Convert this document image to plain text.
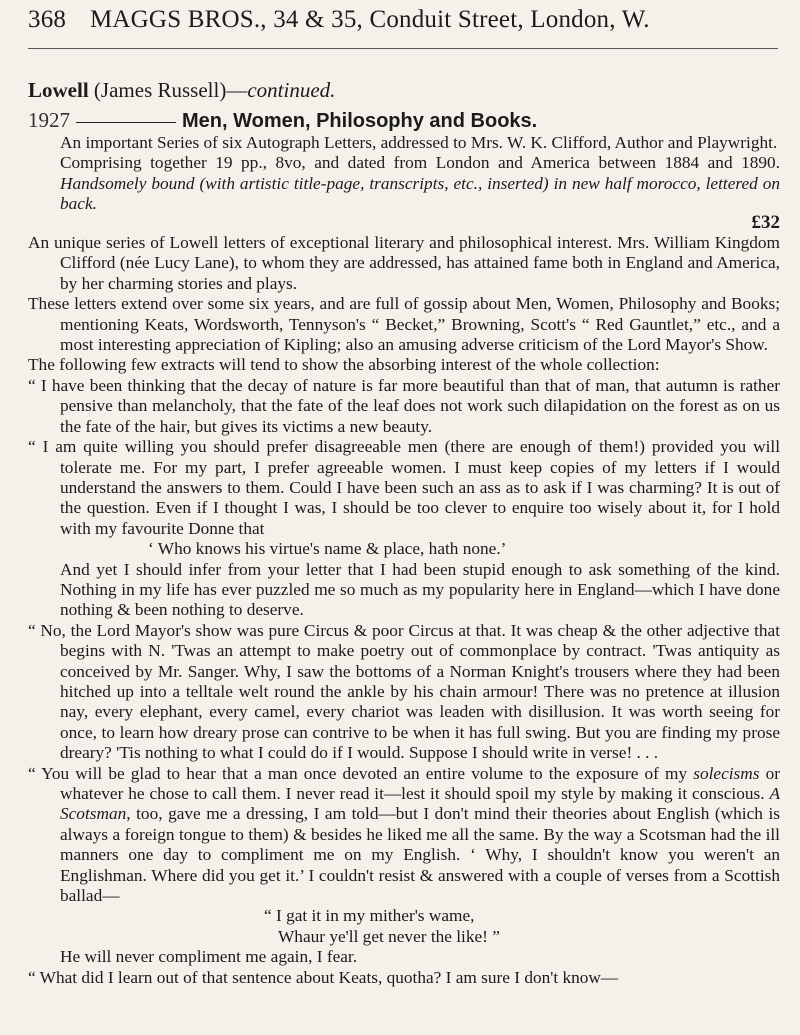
368 MAGGS BROS., 34 & 35, Conduit Street, London, W.
Lowell (James Russell)—continued.
1927	Men, Women, Philosophy and Books.

An important Series of six Autograph Letters, addressed to Mrs. W. K. Clifford, Author and Playwright.

Comprising together 19 pp., 8vo, and dated from London and America between 1884 and 1890. Handsomely bound (with artistic title-page, transcripts, etc., inserted) in new half morocco, lettered on back.

£32

An unique series of Lowell letters of exceptional literary and philosophical interest. Mrs. William Kingdom Clifford (née Lucy Lane), to whom they are addressed, has attained fame both in England and America, by her charming stories and plays.

These letters extend over some six years, and are full of gossip about Men, Women, Philosophy and Books; mentioning Keats, Wordsworth, Tennyson's “ Becket,” Browning, Scott's “ Red Gauntlet,” etc., and a most interesting appreciation of Kipling; also an amusing adverse criticism of the Lord Mayor's Show.

The following few extracts will tend to show the absorbing interest of the whole collection:

“ I have been thinking that the decay of nature is far more beautiful than that of man, that autumn is rather pensive than melancholy, that the fate of the leaf does not work such dilapidation on the forest as on us the fate of the hair, but gives its victims a new beauty.

“ I am quite willing you should prefer disagreeable men (there are enough of them!) provided you will tolerate me. For my part, I prefer agreeable women. I must keep copies of my letters if I would understand the answers to them. Could I have been such an ass as to ask if I was charming? It is out of the question. Even if I thought I was, I should be too clever to enquire too wisely about it, for I hold with my favourite Donne that

‘ Who knows his virtue's name & place, hath none.’

And yet I should infer from your letter that I had been stupid enough to ask something of the kind. Nothing in my life has ever puzzled me so much as my popularity here in England—which I have done nothing & been nothing to deserve.

“ No, the Lord Mayor's show was pure Circus & poor Circus at that. It was cheap & the other adjective that begins with N. 'Twas an attempt to make poetry out of commonplace by contract. 'Twas antiquity as conceived by Mr. Sanger. Why, I saw the bottoms of a Norman Knight's trousers where they had been hitched up into a telltale welt round the ankle by his chain armour! There was no pretence at illusion nay, every elephant, every camel, every chariot was leaden with disillusion. It was worth seeing for once, to learn how dreary prose can contrive to be when it has full swing. But you are finding my prose dreary? 'Tis nothing to what I could do if I would. Suppose I should write in verse! . . .

“ You will be glad to hear that a man once devoted an entire volume to the exposure of my solecisms or whatever he chose to call them. I never read it—lest it should spoil my style by making it conscious. A Scotsman, too, gave me a dressing, I am told—but I don't mind their theories about English (which is always a foreign tongue to them) & besides he liked me all the same. By the way a Scotsman had the ill manners one day to compliment me on my English. ‘ Why, I shouldn't know you weren't an Englishman. Where did you get it.’ I couldn't resist & answered with a couple of verses from a Scottish ballad—

“ I gat it in my mither's wame,

Whaur ye'll get never the like! ”

He will never compliment me again, I fear.

“ What did I learn out of that sentence about Keats, quotha? I am sure I don't know—
